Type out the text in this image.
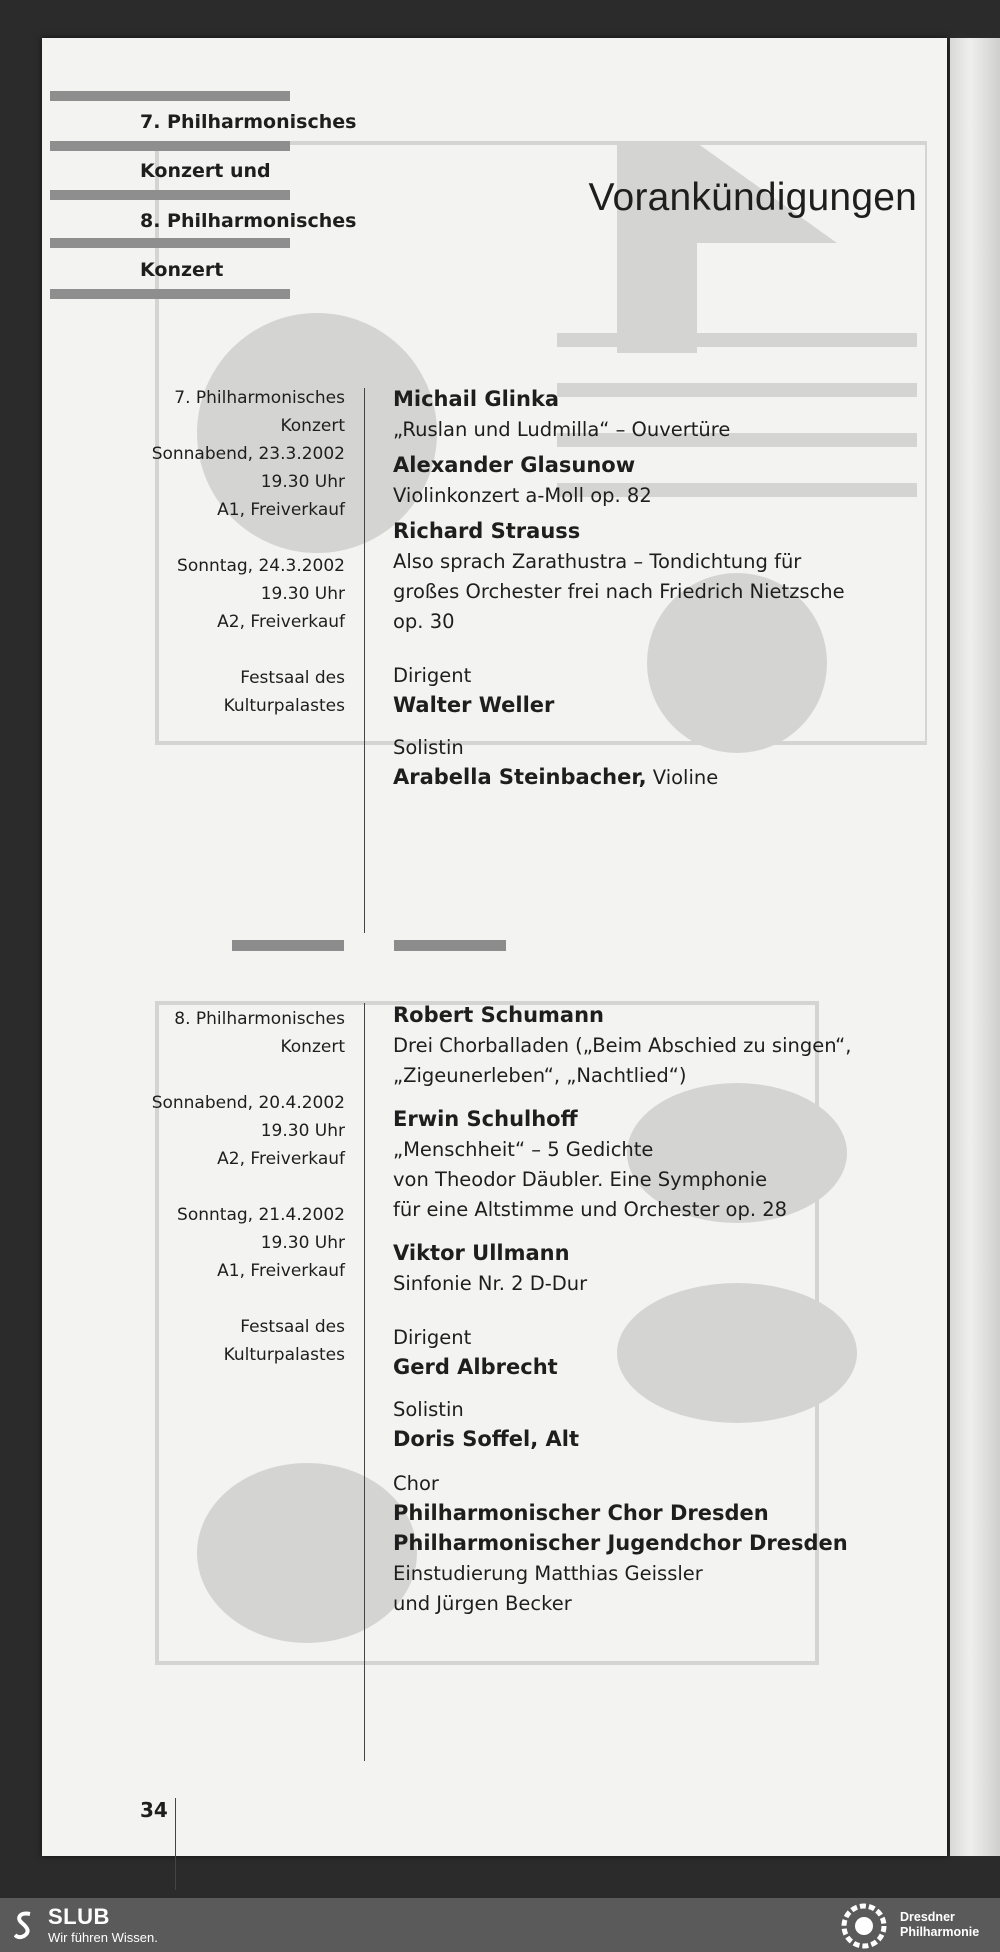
7. Philharmonisches
Konzert und
8. Philharmonisches
Konzert
Vorankündigungen
7. Philharmonisches
Konzert
Sonnabend, 23.3.2002
19.30 Uhr
A1, Freiverkauf
Sonntag, 24.3.2002
19.30 Uhr
A2, Freiverkauf
Festsaal des
Kulturpalastes
Michail Glinka
„Ruslan und Ludmilla“ – Ouvertüre
Alexander Glasunow
Violinkonzert a-Moll op. 82
Richard Strauss
Also sprach Zarathustra – Tondichtung für
großes Orchester frei nach Friedrich Nietzsche
op. 30
Dirigent
Walter Weller
Solistin
Arabella Steinbacher, Violine
8. Philharmonisches
Konzert
Sonnabend, 20.4.2002
19.30 Uhr
A2, Freiverkauf
Sonntag, 21.4.2002
19.30 Uhr
A1, Freiverkauf
Festsaal des
Kulturpalastes
Robert Schumann
Drei Chorballaden („Beim Abschied zu singen“,
„Zigeunerleben“, „Nachtlied“)
Erwin Schulhoff
„Menschheit“ – 5 Gedichte
von Theodor Däubler. Eine Symphonie
für eine Altstimme und Orchester op. 28
Viktor Ullmann
Sinfonie Nr. 2 D-Dur
Dirigent
Gerd Albrecht
Solistin
Doris Soffel, Alt
Chor
Philharmonischer Chor Dresden
Philharmonischer Jugendchor Dresden
Einstudierung Matthias Geissler
und Jürgen Becker
34
SLUB
Wir führen Wissen.
Dresdner
Philharmonie
